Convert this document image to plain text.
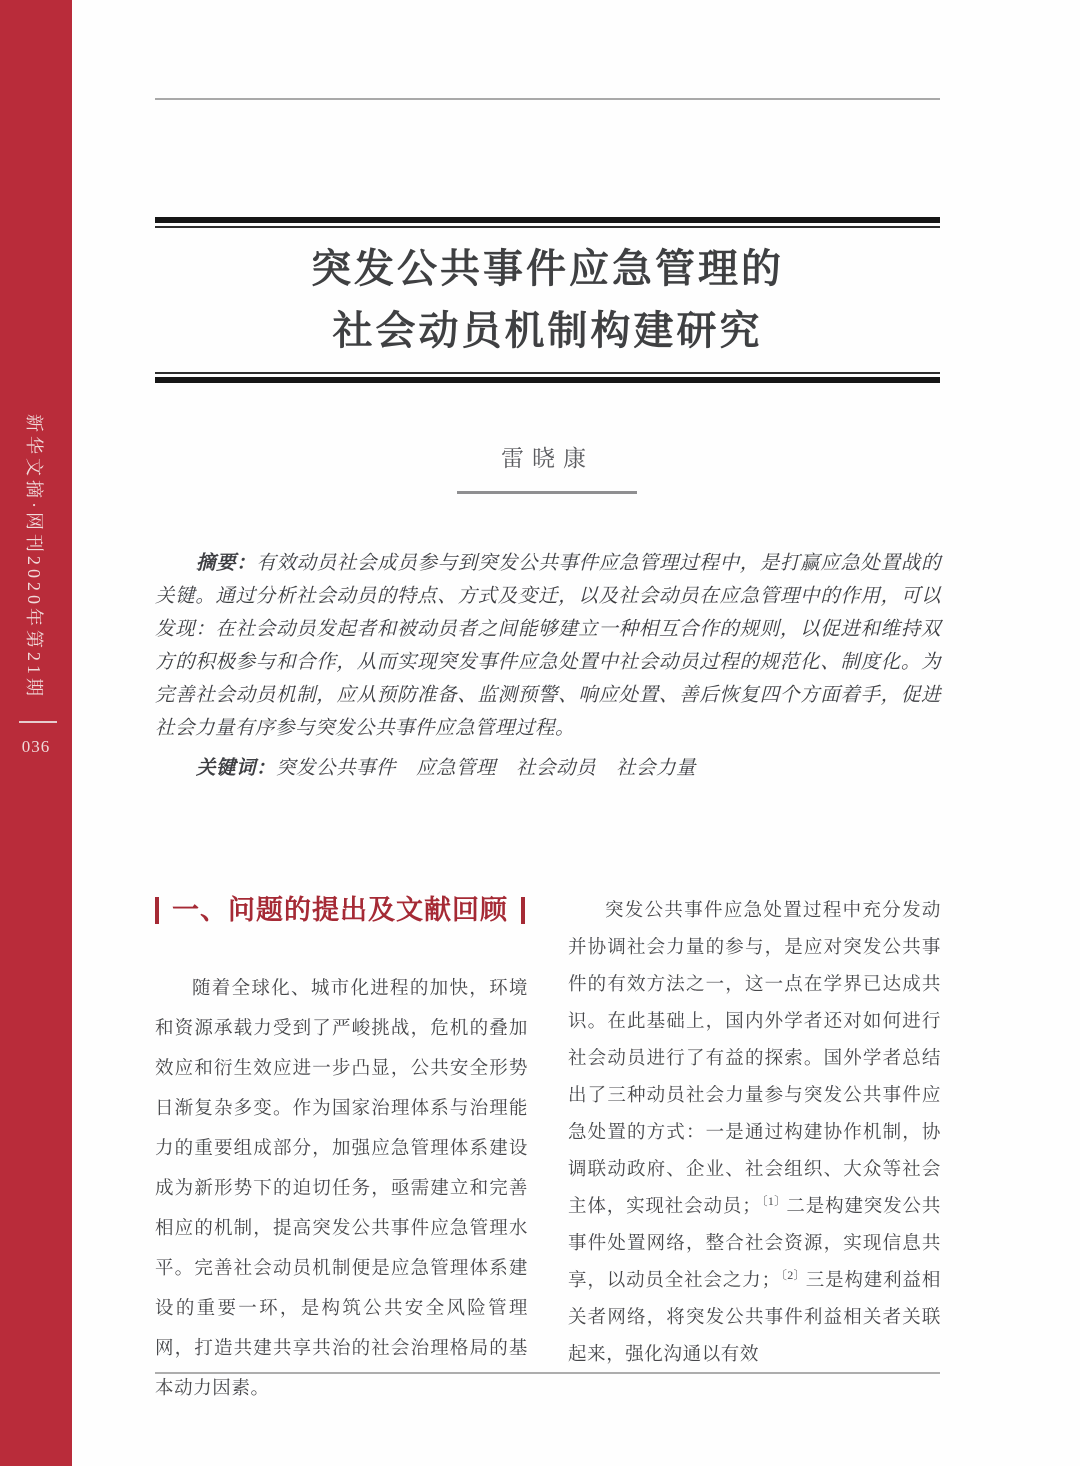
新华文摘·网刊2020年第21期
036
突发公共事件应急管理的
社会动员机制构建研究
雷晓康

摘要：有效动员社会成员参与到突发公共事件应急管理过程中，是打赢应急处置战的关键。通过分析社会动员的特点、方式及变迁，以及社会动员在应急管理中的作用，可以发现：在社会动员发起者和被动员者之间能够建立一种相互合作的规则，以促进和维持双方的积极参与和合作，从而实现突发事件应急处置中社会动员过程的规范化、制度化。为完善社会动员机制，应从预防准备、监测预警、响应处置、善后恢复四个方面着手，促进社会力量有序参与突发公共事件应急管理过程。

关键词：突发公共事件　应急管理　社会动员　社会力量

一、问题的提出及文献回顾

随着全球化、城市化进程的加快，环境和资源承载力受到了严峻挑战，危机的叠加效应和衍生效应进一步凸显，公共安全形势日渐复杂多变。作为国家治理体系与治理能力的重要组成部分，加强应急管理体系建设成为新形势下的迫切任务，亟需建立和完善相应的机制，提高突发公共事件应急管理水平。完善社会动员机制便是应急管理体系建设的重要一环，是构筑公共安全风险管理网，打造共建共享共治的社会治理格局的基本动力因素。

突发公共事件应急处置过程中充分发动并协调社会力量的参与，是应对突发公共事件的有效方法之一，这一点在学界已达成共识。在此基础上，国内外学者还对如何进行社会动员进行了有益的探索。国外学者总结出了三种动员社会力量参与突发公共事件应急处置的方式：一是通过构建协作机制，协调联动政府、企业、社会组织、大众等社会主体，实现社会动员；$^{〔1〕}$二是构建突发公共事件处置网络，整合社会资源，实现信息共享，以动员全社会之力；$^{〔2〕}$三是构建利益相关者网络，将突发公共事件利益相关者关联起来，强化沟通以有效
